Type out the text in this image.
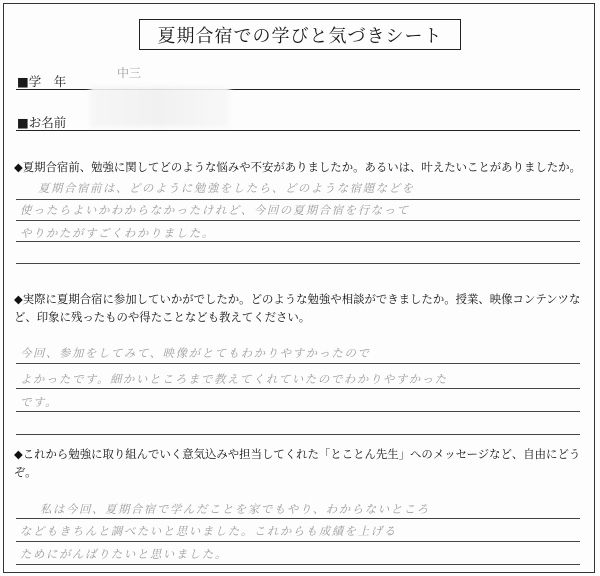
夏期合宿での学びと気づきシート
■学　年
中三
■お名前
◆夏期合宿前、勉強に関してどのような悩みや不安がありましたか。あるいは、叶えたいことがありましたか。
夏期合宿前は、どのように勉強をしたら、どのような宿題などを
使ったらよいかわからなかったけれど、今回の夏期合宿を行なって
やりかたがすごくわかりました。
◆実際に夏期合宿に参加していかがでしたか。どのような勉強や相談ができましたか。授業、映像コンテンツなど、印象に残ったものや得たことなども教えてください。
今回、参加をしてみて、映像がとてもわかりやすかったので
よかったです。細かいところまで教えてくれていたのでわかりやすかった
です。
◆これから勉強に取り組んでいく意気込みや担当してくれた「とことん先生」へのメッセージなど、自由にどうぞ。
私は今回、夏期合宿で学んだことを家でもやり、わからないところ
などもきちんと調べたいと思いました。これからも成績を上げる
ためにがんばりたいと思いました。
